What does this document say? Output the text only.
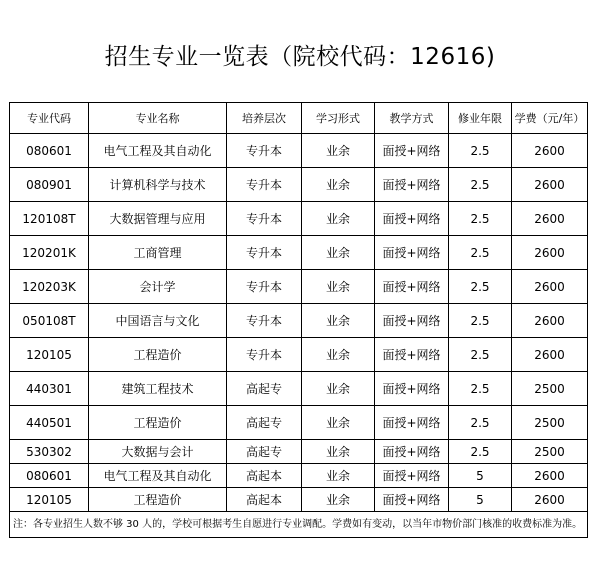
招生专业一览表（院校代码：12616)
专业代码	专业名称	培养层次	学习形式	教学方式	修业年限	学费（元/年）
080601	电气工程及其自动化	专升本	业余	面授+网络	2.5	2600
080901	计算机科学与技术	专升本	业余	面授+网络	2.5	2600
120108T	大数据管理与应用	专升本	业余	面授+网络	2.5	2600
120201K	工商管理	专升本	业余	面授+网络	2.5	2600
120203K	会计学	专升本	业余	面授+网络	2.5	2600
050108T	中国语言与文化	专升本	业余	面授+网络	2.5	2600
120105	工程造价	专升本	业余	面授+网络	2.5	2600
440301	建筑工程技术	高起专	业余	面授+网络	2.5	2500
440501	工程造价	高起专	业余	面授+网络	2.5	2500
530302	大数据与会计	高起专	业余	面授+网络	2.5	2500
080601	电气工程及其自动化	高起本	业余	面授+网络	5	2600
120105	工程造价	高起本	业余	面授+网络	5	2600
注：各专业招生人数不够 30 人的，学校可根据考生自愿进行专业调配。学费如有变动，以当年市物价部门核准的收费标准为准。						
